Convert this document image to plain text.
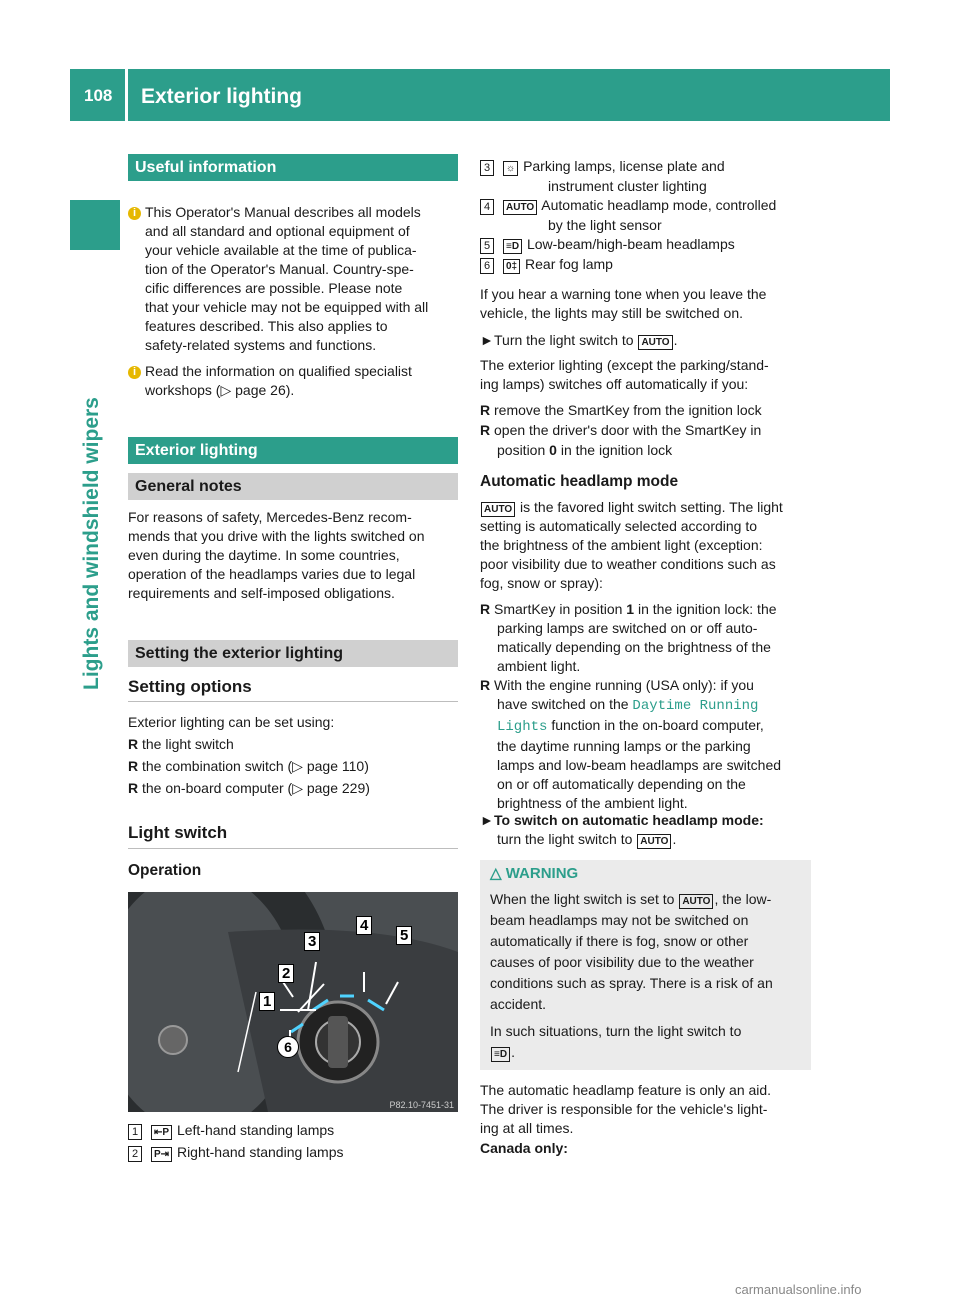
108 Exterior lighting
Lights and windshield wipers
Useful information
i This Operator's Manual describes all models
and all standard and optional equipment of
your vehicle available at the time of publica-
tion of the Operator's Manual. Country-spe-
cific differences are possible. Please note
that your vehicle may not be equipped with all
features described. This also applies to
safety-related systems and functions.
i Read the information on qualified specialist
workshops (▷ page 26).
Exterior lighting
General notes
For reasons of safety, Mercedes-Benz recom-
mends that you drive with the lights switched on
even during the daytime. In some countries,
operation of the headlamps varies due to legal
requirements and self-imposed obligations.
Setting the exterior lighting
Setting options
Exterior lighting can be set using:
R the light switch
R the combination switch (▷ page 110)
R the on-board computer (▷ page 229)
Light switch
Operation
1
2
3
4
5
6
P82.10-7451-31
1 ⇤P Left-hand standing lamps
2 P⇥ Right-hand standing lamps
3 ☼ Parking lamps, license plate and
instrument cluster lighting
4 AUTO Automatic headlamp mode, controlled
by the light sensor
5 ≡D Low-beam/high-beam headlamps
6 0‡ Rear fog lamp
If you hear a warning tone when you leave the
vehicle, the lights may still be switched on.
►Turn the light switch to AUTO .
The exterior lighting (except the parking/stand-
ing lamps) switches off automatically if you:
R remove the SmartKey from the ignition lock
R open the driver's door with the SmartKey in
position 0 in the ignition lock
Automatic headlamp mode
AUTO is the favored light switch setting. The light
setting is automatically selected according to
the brightness of the ambient light (exception:
poor visibility due to weather conditions such as
fog, snow or spray):
R SmartKey in position 1 in the ignition lock: the
parking lamps are switched on or off auto-
matically depending on the brightness of the
ambient light.
R With the engine running (USA only): if you
have switched on the Daytime Running
Lights function in the on-board computer,
the daytime running lamps or the parking
lamps and low-beam headlamps are switched
on or off automatically depending on the
brightness of the ambient light.
►To switch on automatic headlamp mode:
turn the light switch to AUTO .
△ WARNING
When the light switch is set to AUTO , the low-
beam headlamps may not be switched on
automatically if there is fog, snow or other
causes of poor visibility due to the weather
conditions such as spray. There is a risk of an
accident.
In such situations, turn the light switch to
≡D .
The automatic headlamp feature is only an aid.
The driver is responsible for the vehicle's light-
ing at all times.
Canada only:
carmanualsonline.info
